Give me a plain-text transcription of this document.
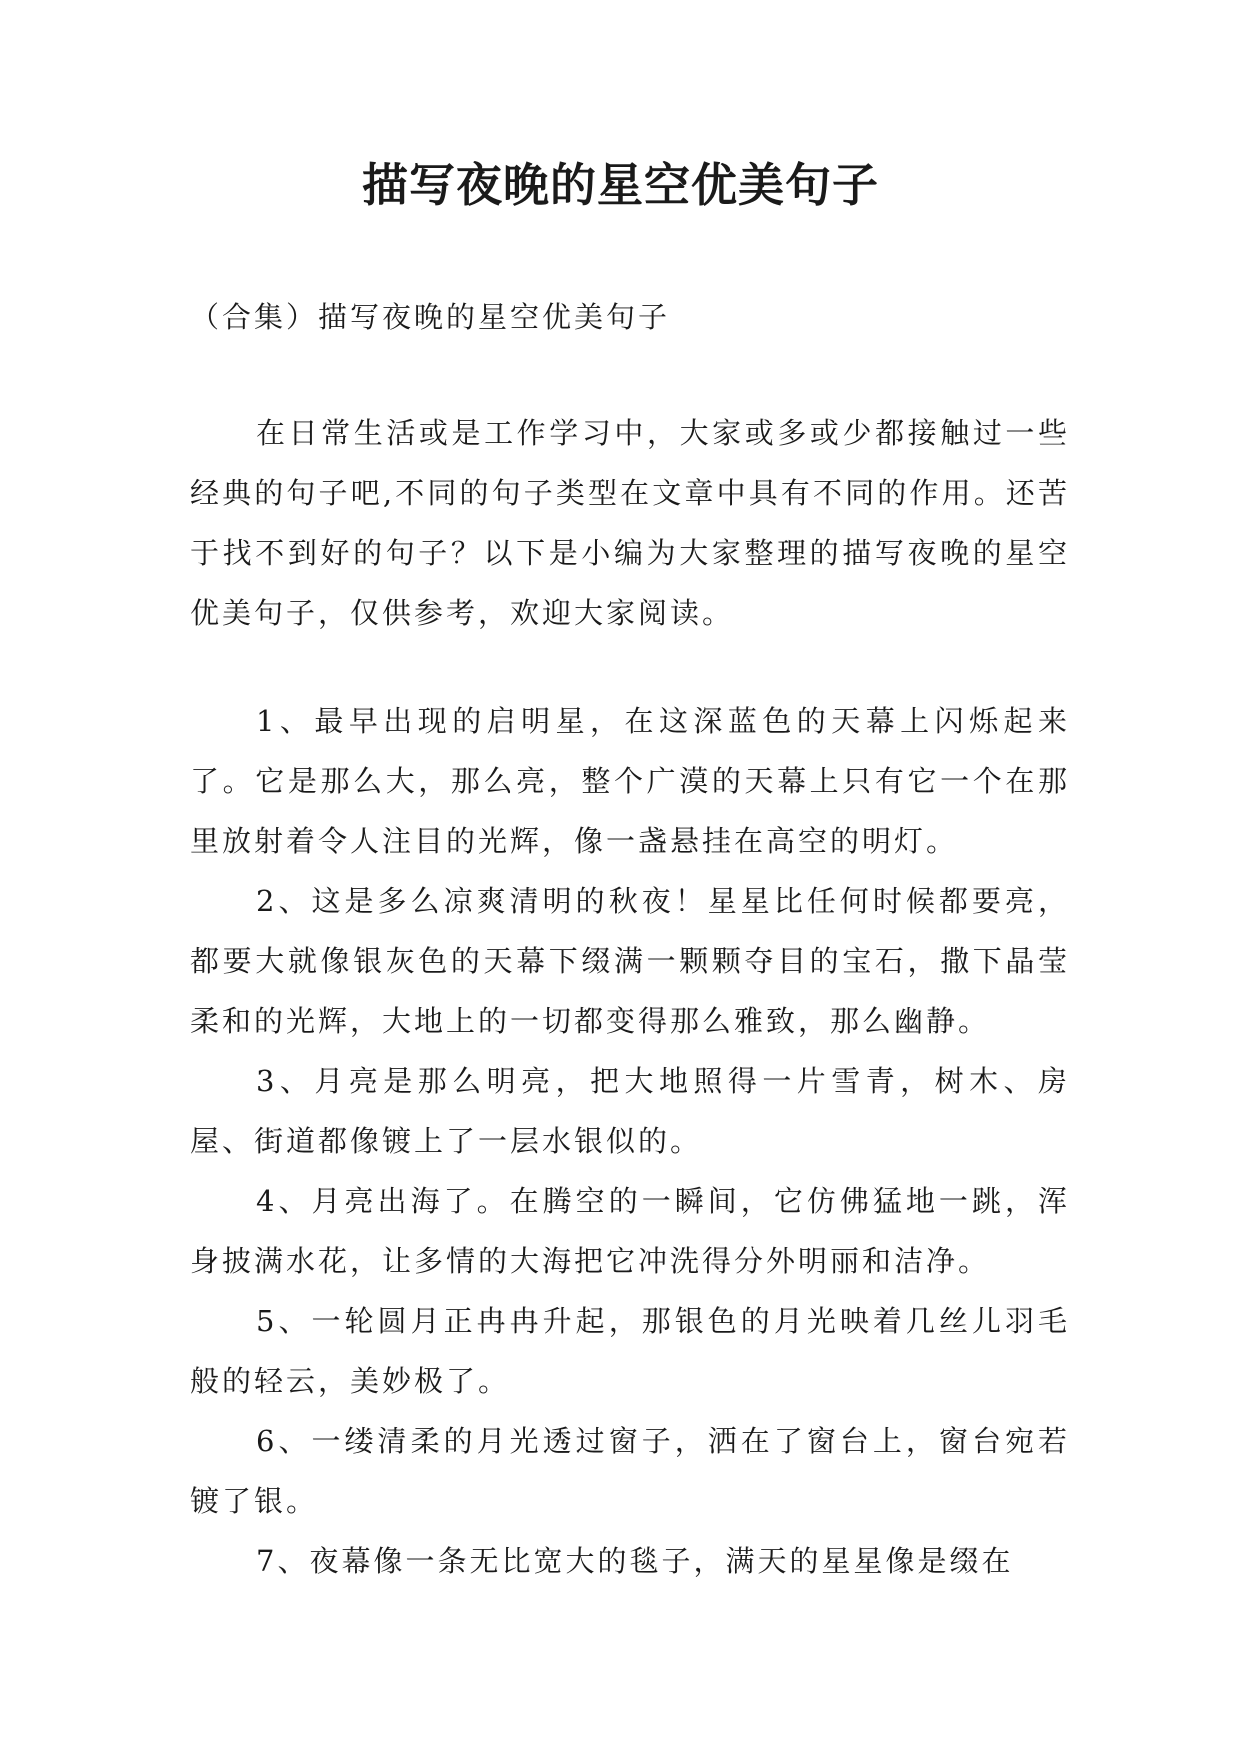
描写夜晚的星空优美句子

（合集）描写夜晚的星空优美句子

在日常生活或是工作学习中，大家或多或少都接触过一些经典的句子吧,不同的句子类型在文章中具有不同的作用。还苦于找不到好的句子？以下是小编为大家整理的描写夜晚的星空优美句子，仅供参考，欢迎大家阅读。

1、最早出现的启明星，在这深蓝色的天幕上闪烁起来了。它是那么大，那么亮，整个广漠的天幕上只有它一个在那里放射着令人注目的光辉，像一盏悬挂在高空的明灯。
2、这是多么凉爽清明的秋夜！星星比任何时候都要亮，都要大就像银灰色的天幕下缀满一颗颗夺目的宝石，撒下晶莹柔和的光辉，大地上的一切都变得那么雅致，那么幽静。
3、月亮是那么明亮，把大地照得一片雪青，树木、房屋、街道都像镀上了一层水银似的。
4、月亮出海了。在腾空的一瞬间，它仿佛猛地一跳，浑身披满水花，让多情的大海把它冲洗得分外明丽和洁净。
5、一轮圆月正冉冉升起，那银色的月光映着几丝儿羽毛般的轻云，美妙极了。
6、一缕清柔的月光透过窗子，洒在了窗台上，窗台宛若镀了银。
7、夜幕像一条无比宽大的毯子，满天的星星像是缀在
